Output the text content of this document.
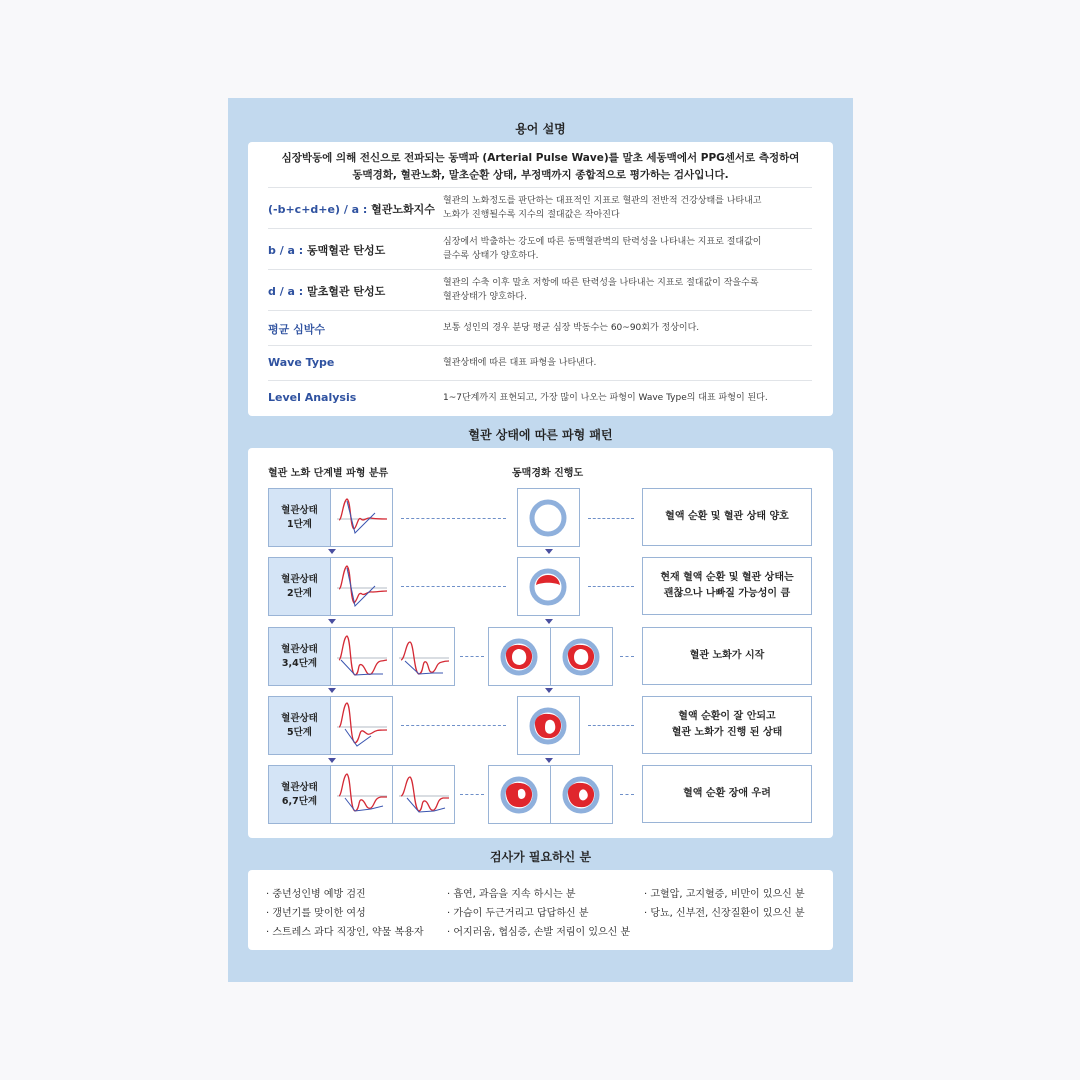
용어 설명
심장박동에 의해 전신으로 전파되는 동맥파 (Arterial Pulse Wave)를 말초 세동맥에서 PPG센서로 측정하여
동맥경화, 혈관노화, 말초순환 상태, 부정맥까지 종합적으로 평가하는 검사입니다.
(-b+c+d+e) / a : 혈관노화지수
혈관의 노화정도를 판단하는 대표적인 지표로 혈관의 전반적 건강상태를 나타내고
노화가 진행될수록 지수의 절대값은 작아진다
b / a : 동맥혈관 탄성도
심장에서 박출하는 강도에 따른 동맥혈관벽의 탄력성을 나타내는 지표로 절대값이
클수록 상태가 양호하다.
d / a : 말초혈관 탄성도
혈관의 수축 이후 말초 저항에 따른 탄력성을 나타내는 지표로 절대값이 작을수록
혈관상태가 양호하다.
평균 심박수	보통 성인의 경우 분당 평균 심장 박동수는 60~90회가 정상이다.
Wave Type	혈관상태에 따른 대표 파형을 나타낸다.
Level Analysis	1~7단계까지 표현되고, 가장 많이 나오는 파형이 Wave Type의 대표 파형이 된다.
혈관 상태에 따른 파형 패턴
혈관 노화 단계별 파형 분류	동맥경화 진행도
혈관상태
1단계
혈액 순환 및 혈관 상태 양호
혈관상태
2단계
현재 혈액 순환 및 혈관 상태는
괜찮으나 나빠질 가능성이 큼
혈관상태
3,4단계
혈관 노화가 시작
혈관상태
5단계
혈액 순환이 잘 안되고
혈관 노화가 진행 된 상태
혈관상태
6,7단계
혈액 순환 장애 우려
검사가 필요하신 분
· 중년성인병 예방 검진
· 갱년기를 맞이한 여성
· 스트레스 과다 직장인, 약물 복용자
· 흡연, 과음을 지속 하시는 분
· 가슴이 두근거리고 답답하신 분
· 어지러움, 협심증, 손발 저림이 있으신 분
· 고혈압, 고지혈증, 비만이 있으신 분
· 당뇨, 신부전, 신장질환이 있으신 분
